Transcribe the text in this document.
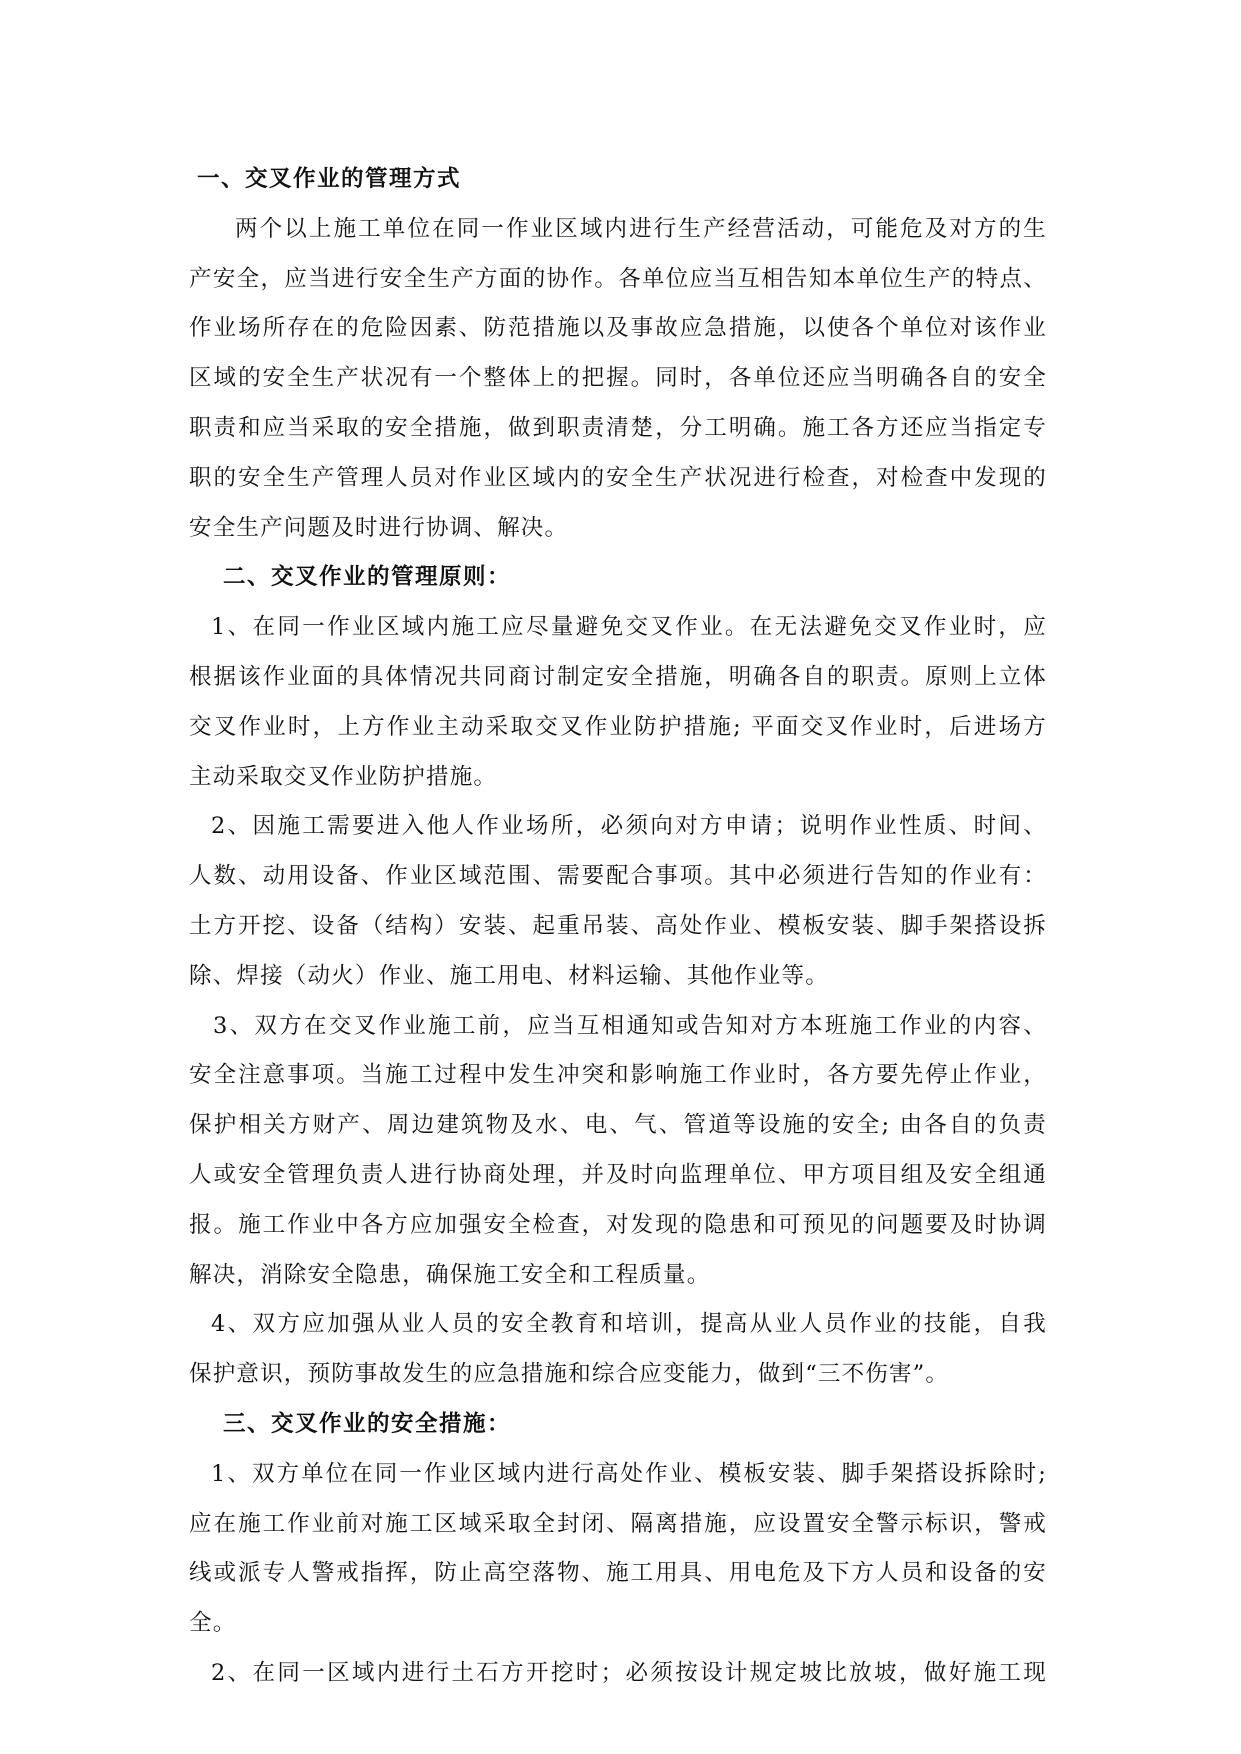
一、交叉作业的管理方式
两个以上施工单位在同一作业区域内进行生产经营活动，可能危及对方的生
产安全，应当进行安全生产方面的协作。各单位应当互相告知本单位生产的特点、
作业场所存在的危险因素、防范措施以及事故应急措施，以使各个单位对该作业
区域的安全生产状况有一个整体上的把握。同时，各单位还应当明确各自的安全
职责和应当采取的安全措施，做到职责清楚，分工明确。施工各方还应当指定专
职的安全生产管理人员对作业区域内的安全生产状况进行检查，对检查中发现的
安全生产问题及时进行协调、解决。
二、交叉作业的管理原则：
1、在同一作业区域内施工应尽量避免交叉作业。在无法避免交叉作业时，应
根据该作业面的具体情况共同商讨制定安全措施，明确各自的职责。原则上立体
交叉作业时，上方作业主动采取交叉作业防护措施; 平面交叉作业时，后进场方
主动采取交叉作业防护措施。
2、因施工需要进入他人作业场所，必须向对方申请；说明作业性质、时间、
人数、动用设备、作业区域范围、需要配合事项。其中必须进行告知的作业有：
土方开挖、设备（结构）安装、起重吊装、高处作业、模板安装、脚手架搭设拆
除、焊接（动火）作业、施工用电、材料运输、其他作业等。
3、双方在交叉作业施工前，应当互相通知或告知对方本班施工作业的内容、
安全注意事项。当施工过程中发生冲突和影响施工作业时，各方要先停止作业，
保护相关方财产、周边建筑物及水、电、气、管道等设施的安全; 由各自的负责
人或安全管理负责人进行协商处理，并及时向监理单位、甲方项目组及安全组通
报。施工作业中各方应加强安全检查，对发现的隐患和可预见的问题要及时协调
解决，消除安全隐患，确保施工安全和工程质量。
4、双方应加强从业人员的安全教育和培训，提高从业人员作业的技能，自我
保护意识，预防事故发生的应急措施和综合应变能力，做到“三不伤害”。
三、交叉作业的安全措施：
1、双方单位在同一作业区域内进行高处作业、模板安装、脚手架搭设拆除时;
应在施工作业前对施工区域采取全封闭、隔离措施，应设置安全警示标识，警戒
线或派专人警戒指挥，防止高空落物、施工用具、用电危及下方人员和设备的安
全。
2、在同一区域内进行土石方开挖时；必须按设计规定坡比放坡，做好施工现
